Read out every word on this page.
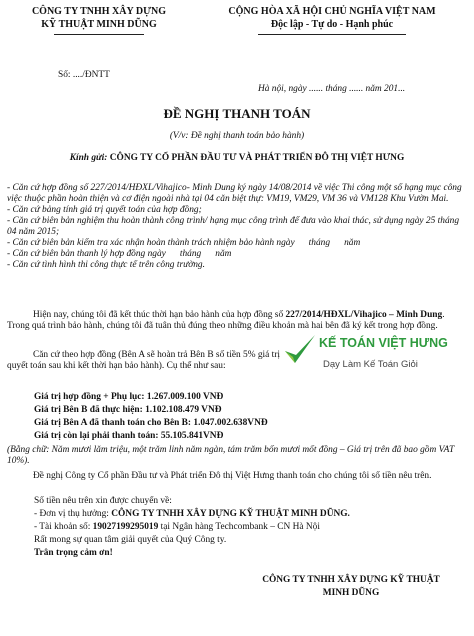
CÔNG TY TNHH XÂY DỰNG
KỸ THUẬT MINH DŨNG
CỘNG HÒA XÃ HỘI CHỦ NGHĨA VIỆT NAM
Độc lập - Tự do - Hạnh phúc
Số: ..../ĐNTT
Hà nội, ngày ...... tháng ...... năm 201...
ĐỀ NGHỊ THANH TOÁN
(V/v: Đề nghị thanh toán bảo hành)
Kính gửi: CÔNG TY CỔ PHẦN ĐẦU TƯ VÀ PHÁT TRIỂN ĐÔ THỊ VIỆT HƯNG

- Căn cứ hợp đồng số 227/2014/HĐXL/Vihajico- Minh Dung ký ngày 14/08/2014 về việc Thi công một số hạng mục công việc thuộc phần hoàn thiện và cơ điện ngoài nhà tại 04 căn biệt thự: VM19, VM29, VM 36 và VM128 Khu Vườn Mai.

- Căn cứ bảng tính giá trị quyết toán của hợp đồng;

- Căn cứ biên bản nghiệm thu hoàn thành công trình/ hạng mục công trình để đưa vào khai thác, sử dụng ngày 25 tháng 04 năm 2015;

- Căn cứ biên bản kiểm tra xác nhận hoàn thành trách nhiệm bảo hành ngày      tháng      năm

- Căn cứ biên bản thanh lý hợp đồng ngày      tháng      năm

- Căn cứ tình hình thi công thực tế trên công trường.

Hiện nay, chúng tôi đã kết thúc thời hạn bảo hành của hợp đồng số 227/2014/HĐXL/Vihajico – Minh Dung. Trong quá trình bảo hành, chúng tôi đã tuân thủ đúng theo những điều khoản mà hai bên đã ký kết trong hợp đồng.
Căn cứ theo hợp đồng (Bên A sẽ hoàn trả Bên B số tiền 5% giá trị quyết toán sau khi kết thời hạn bảo hành). Cụ thể như sau:
KẾ TOÁN VIỆT HƯNG
Dạy Làm Kế Toán Giỏi
Giá trị hợp đồng + Phụ lục: 1.267.009.100 VNĐ
Giá trị Bên B đã thực hiện: 1.102.108.479 VNĐ
Giá trị Bên A đã thanh toán cho Bên B: 1.047.002.638VNĐ
Giá trị còn lại phải thanh toán: 55.105.841VNĐ
(Bằng chữ: Năm mươi lăm triệu, một trăm linh năm ngàn, tám trăm bốn mươi mốt đồng – Giá trị trên đã bao gồm VAT 10%).
Đề nghị Công ty Cổ phần Đầu tư và Phát triển Đô thị Việt Hưng thanh toán cho chúng tôi số tiền nêu trên.
Số tiền nêu trên xin được chuyển về:
- Đơn vị thụ hưởng: CÔNG TY TNHH XÂY DỰNG KỸ THUẬT MINH DŨNG.
- Tài khoản số: 19027199295019 tại Ngân hàng Techcombank – CN Hà Nội
Rất mong sự quan tâm giải quyết của Quý Công ty.
Trân trọng cảm ơn!
CÔNG TY TNHH XÂY DỰNG KỸ THUẬT
MINH DŨNG
